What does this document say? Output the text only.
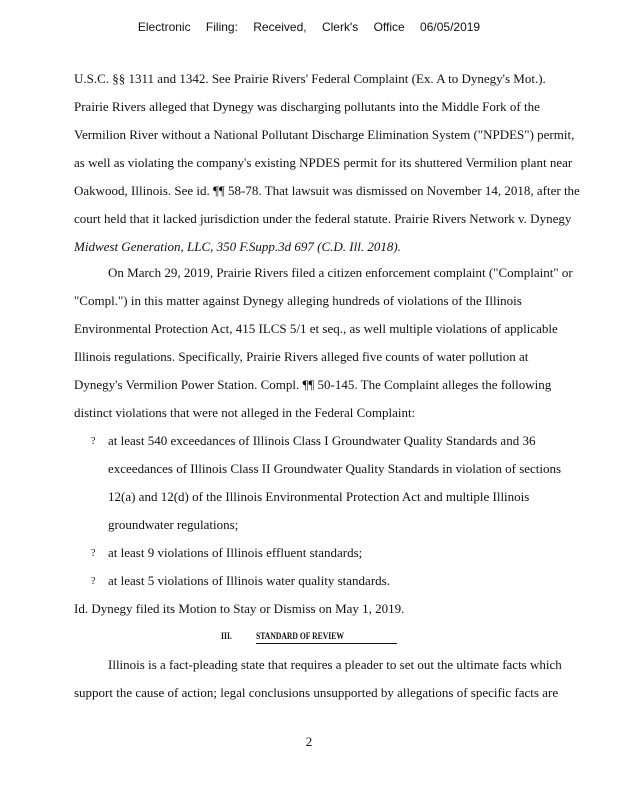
Electronic Filing: Received, Clerk's Office 06/05/2019
U.S.C. §§ 1311 and 1342. See Prairie Rivers' Federal Complaint (Ex. A to Dynegy's Mot.).
Prairie Rivers alleged that Dynegy was discharging pollutants into the Middle Fork of the
Vermilion River without a National Pollutant Discharge Elimination System ("NPDES") permit,
as well as violating the company's existing NPDES permit for its shuttered Vermilion plant near
Oakwood, Illinois. See id. ¶¶ 58-78. That lawsuit was dismissed on November 14, 2018, after the
court held that it lacked jurisdiction under the federal statute. Prairie Rivers Network v. Dynegy
Midwest Generation, LLC, 350 F.Supp.3d 697 (C.D. Ill. 2018).
On March 29, 2019, Prairie Rivers filed a citizen enforcement complaint ("Complaint" or
"Compl.") in this matter against Dynegy alleging hundreds of violations of the Illinois
Environmental Protection Act, 415 ILCS 5/1 et seq., as well multiple violations of applicable
Illinois regulations. Specifically, Prairie Rivers alleged five counts of water pollution at
Dynegy's Vermilion Power Station. Compl. ¶¶ 50-145. The Complaint alleges the following
distinct violations that were not alleged in the Federal Complaint:
? at least 540 exceedances of Illinois Class I Groundwater Quality Standards and 36
exceedances of Illinois Class II Groundwater Quality Standards in violation of sections
12(a) and 12(d) of the Illinois Environmental Protection Act and multiple Illinois
groundwater regulations;
? at least 9 violations of Illinois effluent standards;
? at least 5 violations of Illinois water quality standards.
Id. Dynegy filed its Motion to Stay or Dismiss on May 1, 2019.
III.	STANDARD OF REVIEW
Illinois is a fact-pleading state that requires a pleader to set out the ultimate facts which
support the cause of action; legal conclusions unsupported by allegations of specific facts are
2
